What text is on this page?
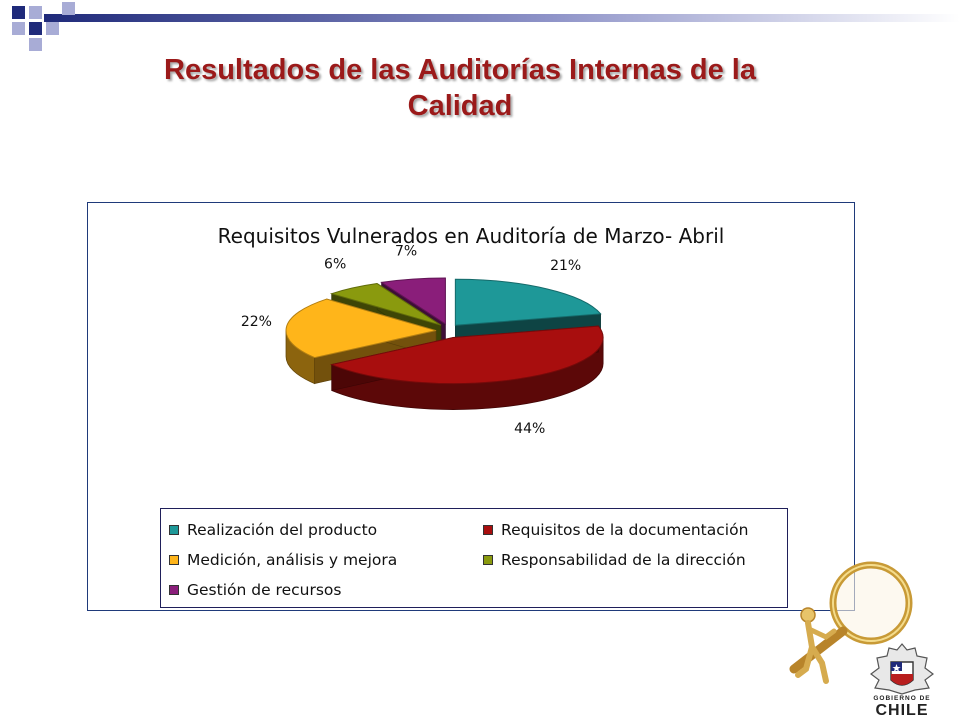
Resultados de las Auditorías Internas de la
Calidad
Requisitos Vulnerados en Auditoría de Marzo- Abril
21%
44%
22%
6%
7%
Realización del producto	Requisitos de la documentación
Medición, análisis y mejora	Responsabilidad de la dirección
Gestión de recursos
GOBIERNO DE
CHILE
